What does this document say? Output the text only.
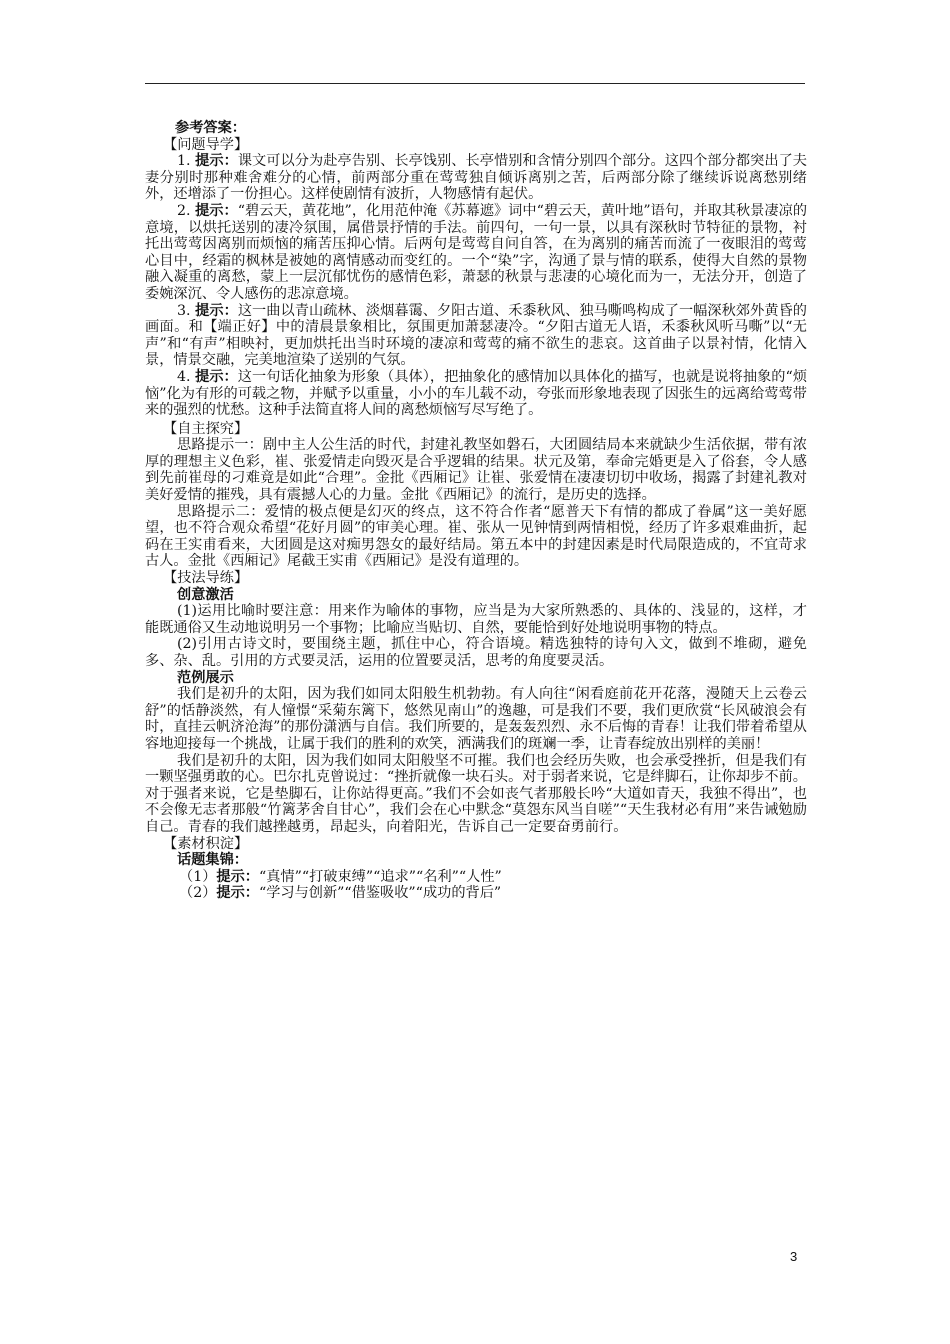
参考答案：

【问题导学】

1. 提示：课文可以分为赴亭告别、长亭饯别、长亭惜别和含情分别四个部分。这四个部分都突出了夫妻分别时那种难舍难分的心情，前两部分重在莺莺独自倾诉离别之苦，后两部分除了继续诉说离愁别绪外，还增添了一份担心。这样使剧情有波折，人物感情有起伏。

2. 提示：“碧云天，黄花地”，化用范仲淹《苏幕遮》词中“碧云天，黄叶地”语句，并取其秋景凄凉的意境，以烘托送别的凄冷氛围，属借景抒情的手法。前四句，一句一景，以具有深秋时节特征的景物，衬托出莺莺因离别而烦恼的痛苦压抑心情。后两句是莺莺自问自答，在为离别的痛苦而流了一夜眼泪的莺莺心目中，经霜的枫林是被她的离情感动而变红的。一个“染”字，沟通了景与情的联系，使得大自然的景物融入凝重的离愁，蒙上一层沉郁忧伤的感情色彩，萧瑟的秋景与悲凄的心境化而为一，无法分开，创造了委婉深沉、令人感伤的悲凉意境。

3. 提示：这一曲以青山疏林、淡烟暮霭、夕阳古道、禾黍秋风、独马嘶鸣构成了一幅深秋郊外黄昏的画面。和【端正好】中的清晨景象相比，氛围更加萧瑟凄冷。“夕阳古道无人语，禾黍秋风听马嘶”以“无声”和“有声”相映衬，更加烘托出当时环境的凄凉和莺莺的痛不欲生的悲哀。这首曲子以景衬情，化情入景，情景交融，完美地渲染了送别的气氛。

4. 提示：这一句话化抽象为形象（具体），把抽象化的感情加以具体化的描写，也就是说将抽象的“烦恼”化为有形的可载之物，并赋予以重量，小小的车儿载不动，夸张而形象地表现了因张生的远离给莺莺带来的强烈的忧愁。这种手法简直将人间的离愁烦恼写尽写绝了。

【自主探究】

思路提示一：剧中主人公生活的时代，封建礼教坚如磐石，大团圆结局本来就缺少生活依据，带有浓厚的理想主义色彩，崔、张爱情走向毁灭是合乎逻辑的结果。状元及第，奉命完婚更是入了俗套，令人感到先前崔母的刁难竟是如此“合理”。金批《西厢记》让崔、张爱情在凄凄切切中收场，揭露了封建礼教对美好爱情的摧残，具有震撼人心的力量。金批《西厢记》的流行，是历史的选择。

思路提示二：爱情的极点便是幻灭的终点，这不符合作者“愿普天下有情的都成了眷属”这一美好愿望，也不符合观众希望“花好月圆”的审美心理。崔、张从一见钟情到两情相悦，经历了许多艰难曲折，起码在王实甫看来，大团圆是这对痴男怨女的最好结局。第五本中的封建因素是时代局限造成的，不宜苛求古人。金批《西厢记》尾截王实甫《西厢记》是没有道理的。

【技法导练】

创意激活

(1)运用比喻时要注意：用来作为喻体的事物，应当是为大家所熟悉的、具体的、浅显的，这样，才能既通俗又生动地说明另一个事物；比喻应当贴切、自然，要能恰到好处地说明事物的特点。

(2)引用古诗文时，要围绕主题，抓住中心，符合语境。精选独特的诗句入文，做到不堆砌，避免多、杂、乱。引用的方式要灵活，运用的位置要灵活，思考的角度要灵活。

范例展示

我们是初升的太阳，因为我们如同太阳般生机勃勃。有人向往“闲看庭前花开花落，漫随天上云卷云舒”的恬静淡然，有人憧憬“采菊东篱下，悠然见南山”的逸趣，可是我们不要，我们更欣赏“长风破浪会有时，直挂云帆济沧海”的那份潇洒与自信。我们所要的，是轰轰烈烈、永不后悔的青春！让我们带着希望从容地迎接每一个挑战，让属于我们的胜利的欢笑，洒满我们的斑斓一季，让青春绽放出别样的美丽！

我们是初升的太阳，因为我们如同太阳般坚不可摧。我们也会经历失败，也会承受挫折，但是我们有一颗坚强勇敢的心。巴尔扎克曾说过：“挫折就像一块石头。对于弱者来说，它是绊脚石，让你却步不前。对于强者来说，它是垫脚石，让你站得更高。”我们不会如丧气者那般长吟“大道如青天，我独不得出”，也不会像无志者那般“竹篱茅舍自甘心”，我们会在心中默念“莫怨东风当自嗟”“天生我材必有用”来告诫勉励自己。青春的我们越挫越勇，昂起头，向着阳光，告诉自己一定要奋勇前行。

【素材积淀】

话题集锦：

（1）提示：“真情”“打破束缚”“追求”“名利”“人性”

（2）提示：“学习与创新”“借鉴吸收”“成功的背后”

3
